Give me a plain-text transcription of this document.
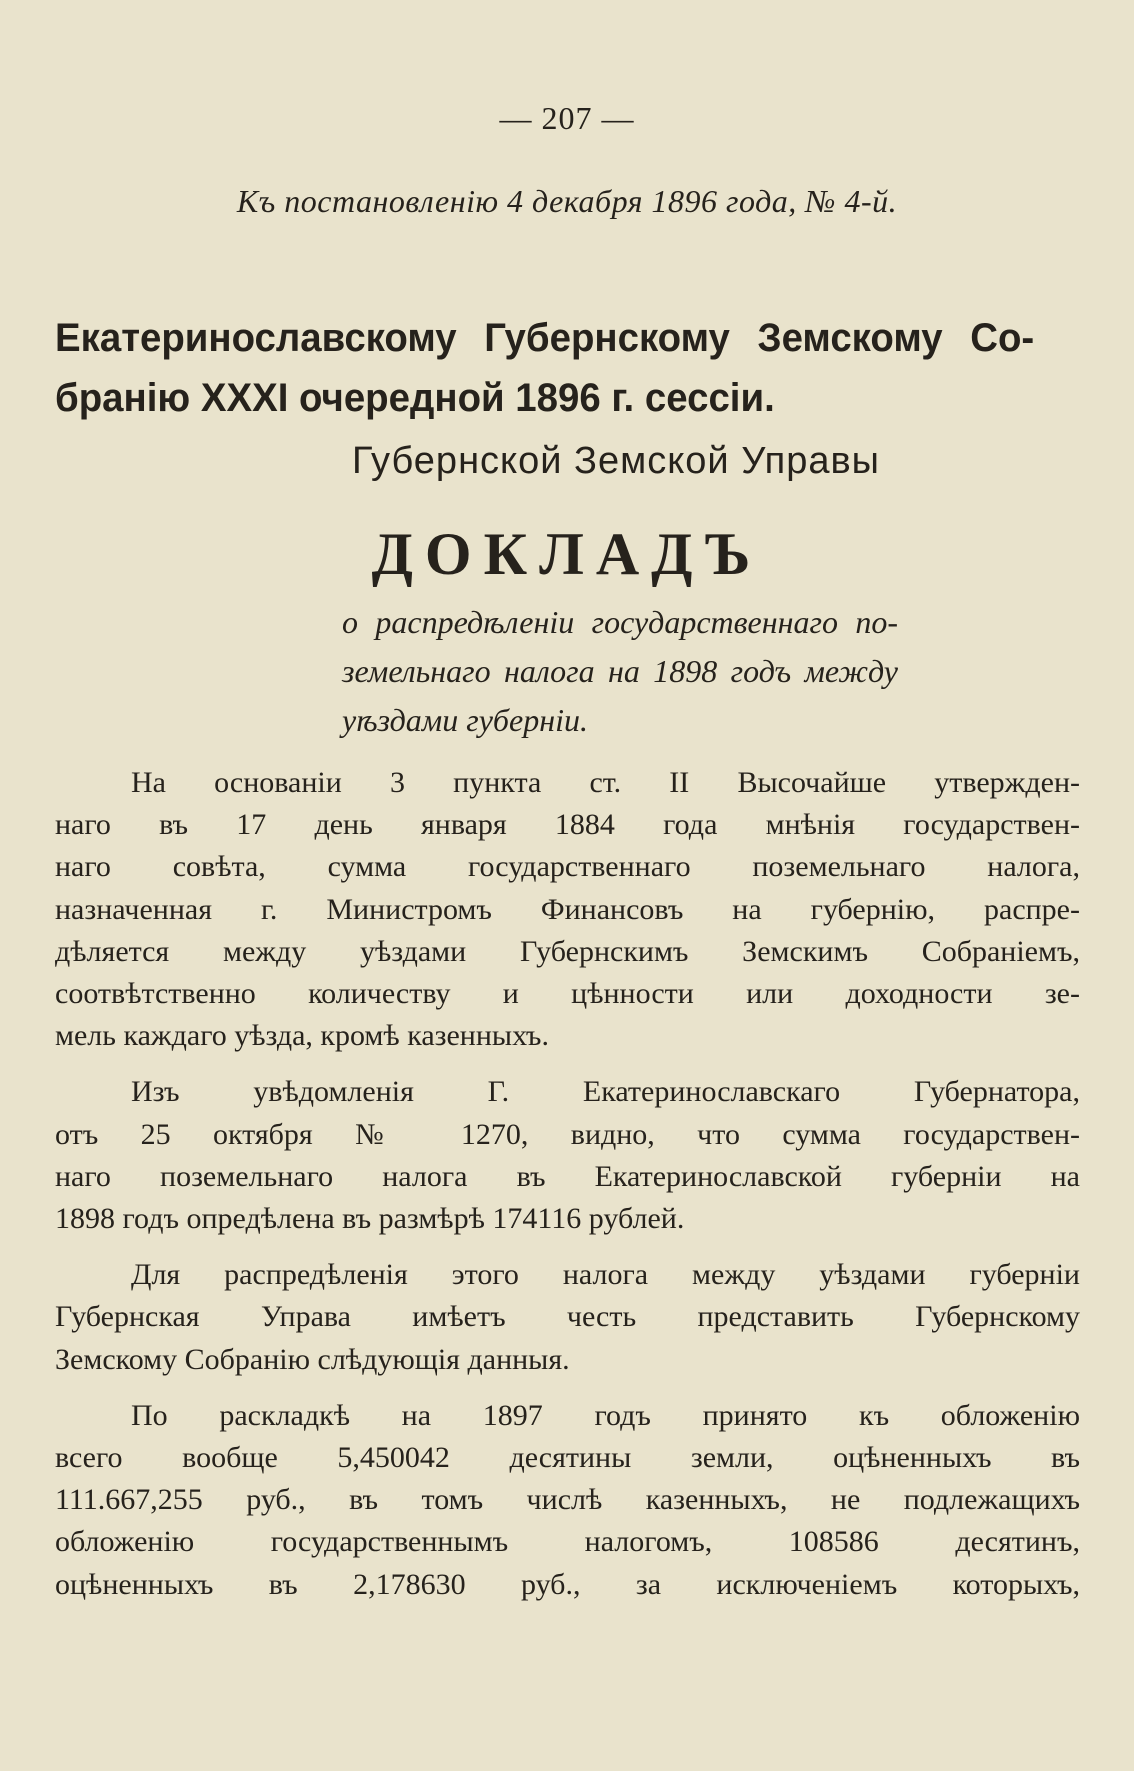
— 207 —
Къ постановленію 4 декабря 1896 года, № 4-й.
Екатеринославскому Губернскому Земскому Со-
бранію XXXI очередной 1896 г. сессіи.
Губернской Земской Управы
ДОКЛАДЪ
о распредѣленіи государственнаго по-
земельнаго налога на 1898 годъ между
уѣздами губерніи.

На основаніи 3 пункта ст. II Высочайше утвержден-
наго въ 17 день января 1884 года мнѣнія государствен-
наго совѣта, сумма государственнаго поземельнаго налога,
назначенная г. Министромъ Финансовъ на губернію, распре-
дѣляется между уѣздами Губернскимъ Земскимъ Собраніемъ,
соотвѣтственно количеству и цѣнности или доходности зе-
мель каждаго уѣзда, кромѣ казенныхъ.

Изъ увѣдомленія Г. Екатеринославскаго Губернатора,
отъ 25 октября № 1270, видно, что сумма государствен-
наго поземельнаго налога въ Екатеринославской губерніи на
1898 годъ опредѣлена въ размѣрѣ 174116 рублей.

Для распредѣленія этого налога между уѣздами губерніи
Губернская Управа имѣетъ честь представить Губернскому
Земскому Собранію слѣдующія данныя.

По раскладкѣ на 1897 годъ принято къ обложенію
всего вообще 5,450042 десятины земли, оцѣненныхъ въ
111.667,255 руб., въ томъ числѣ казенныхъ, не подлежащихъ
обложенію государственнымъ налогомъ, 108586 десятинъ,
оцѣненныхъ въ 2,178630 руб., за исключеніемъ которыхъ,
